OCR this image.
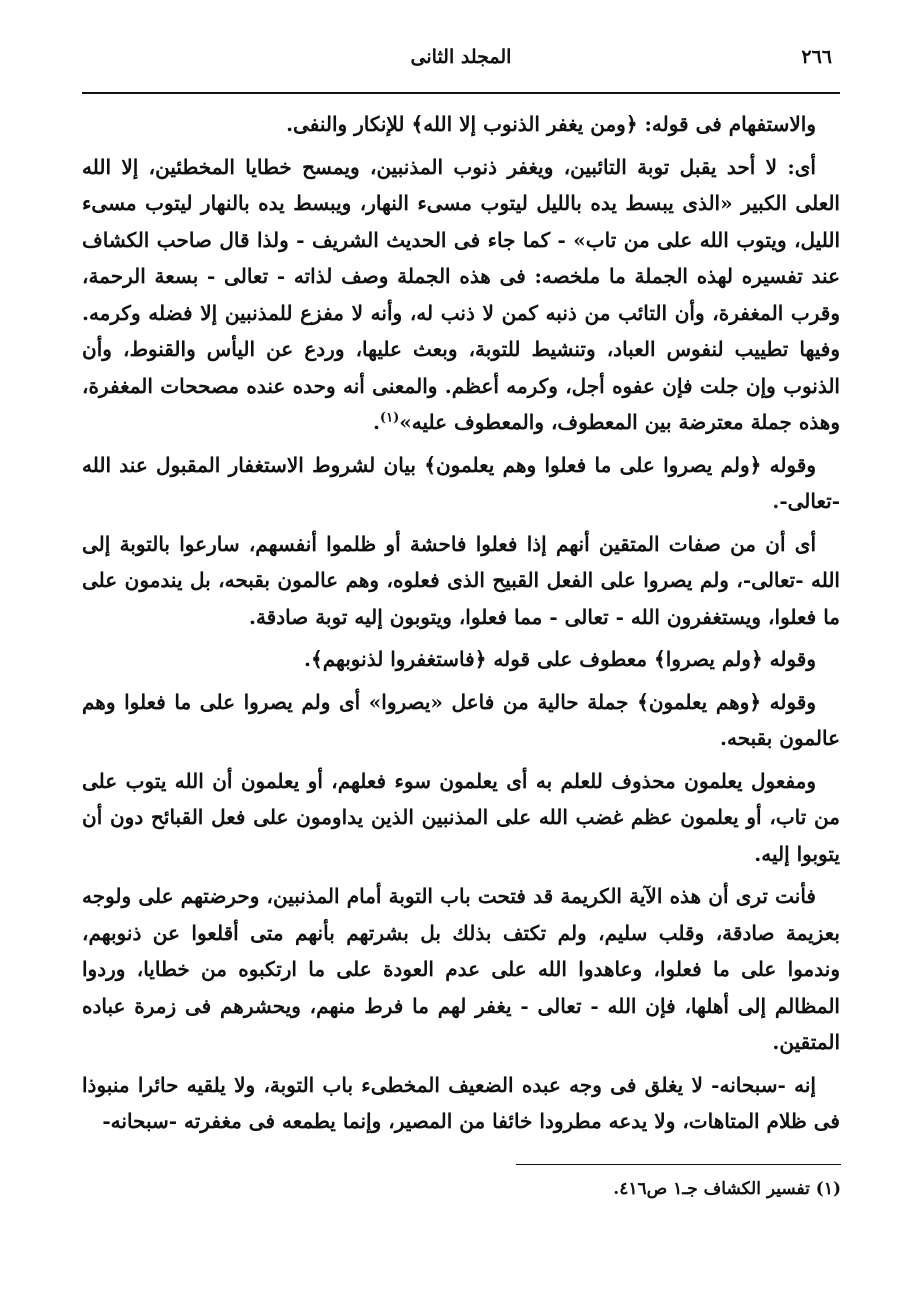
٢٦٦
المجلد الثانى

والاستفهام فى قوله: ﴿ومن يغفر الذنوب إلا الله﴾ للإنكار والنفى.

أى: لا أحد يقبل توبة التائبين، ويغفر ذنوب المذنبين، ويمسح خطايا المخطئين، إلا الله العلى الكبير «الذى يبسط يده بالليل ليتوب مسىء النهار، ويبسط يده بالنهار ليتوب مسىء الليل، ويتوب الله على من تاب» - كما جاء فى الحديث الشريف - ولذا قال صاحب الكشاف عند تفسيره لهذه الجملة ما ملخصه: فى هذه الجملة وصف لذاته - تعالى - بسعة الرحمة، وقرب المغفرة، وأن التائب من ذنبه كمن لا ذنب له، وأنه لا مفزع للمذنبين إلا فضله وكرمه. وفيها تطييب لنفوس العباد، وتنشيط للتوبة، وبعث عليها، وردع عن اليأس والقنوط، وأن الذنوب وإن جلت فإن عفوه أجل، وكرمه أعظم. والمعنى أنه وحده عنده مصححات المغفرة، وهذه جملة معترضة بين المعطوف، والمعطوف عليه»$^{(١)}$.

وقوله ﴿ولم يصروا على ما فعلوا وهم يعلمون﴾ بيان لشروط الاستغفار المقبول عند الله -تعالى-.

أى أن من صفات المتقين أنهم إذا فعلوا فاحشة أو ظلموا أنفسهم، سارعوا بالتوبة إلى الله -تعالى-، ولم يصروا على الفعل القبيح الذى فعلوه، وهم عالمون بقبحه، بل يندمون على ما فعلوا، ويستغفرون الله - تعالى - مما فعلوا، ويتوبون إليه توبة صادقة.

وقوله ﴿ولم يصروا﴾ معطوف على قوله ﴿فاستغفروا لذنوبهم﴾.

وقوله ﴿وهم يعلمون﴾ جملة حالية من فاعل «يصروا» أى ولم يصروا على ما فعلوا وهم عالمون بقبحه.

ومفعول يعلمون محذوف للعلم به أى يعلمون سوء فعلهم، أو يعلمون أن الله يتوب على من تاب، أو يعلمون عظم غضب الله على المذنبين الذين يداومون على فعل القبائح دون أن يتوبوا إليه.

فأنت ترى أن هذه الآية الكريمة قد فتحت باب التوبة أمام المذنبين، وحرضتهم على ولوجه بعزيمة صادقة، وقلب سليم، ولم تكتف بذلك بل بشرتهم بأنهم متى أقلعوا عن ذنوبهم، وندموا على ما فعلوا، وعاهدوا الله على عدم العودة على ما ارتكبوه من خطايا، وردوا المظالم إلى أهلها، فإن الله - تعالى - يغفر لهم ما فرط منهم، ويحشرهم فى زمرة عباده المتقين.

إنه -سبحانه- لا يغلق فى وجه عبده الضعيف المخطىء باب التوبة، ولا يلقيه حائرا منبوذا فى ظلام المتاهات، ولا يدعه مطرودا خائفا من المصير، وإنما يطمعه فى مغفرته -سبحانه-

(١) تفسير الكشاف جـ١ ص٤١٦.
